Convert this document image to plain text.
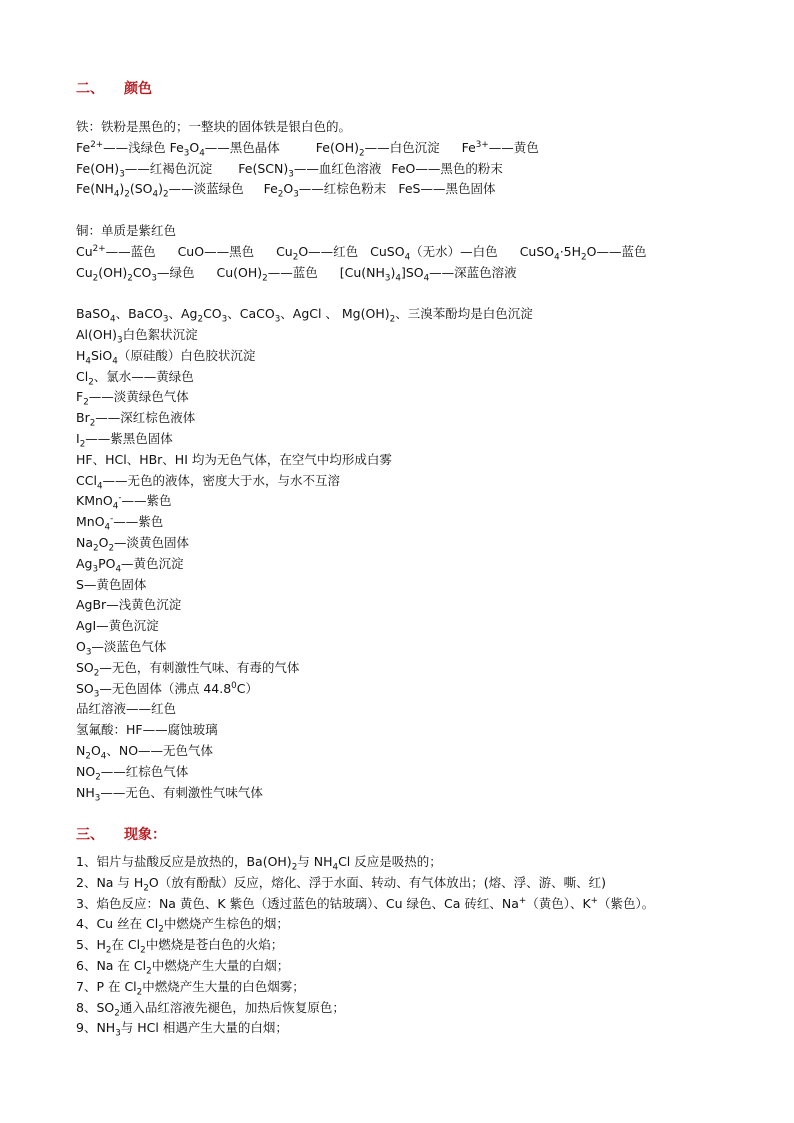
二、 颜色
铁：铁粉是黑色的；一整块的固体铁是银白色的。
$Fe^{2+}——$浅绿色 $Fe_3O_4——$黑色晶体	$Fe(OH)_2——$白色沉淀 $Fe^{3+}——$黄色
$Fe(OH)_3——$红褐色沉淀 $Fe(SCN)_3——$血红色溶液 FeO——黑色的粉末
$Fe(NH_4)_2(SO_4)_2——$淡蓝绿色 $Fe_2O_3——$红棕色粉末 FeS——黑色固体
铜：单质是紫红色
$Cu^{2+}——$蓝色 CuO——黑色 $Cu_2O——$红色 CuSO$_4$（无水）—白色 $CuSO_4\cdot 5H_2O——$蓝色
$Cu_2(OH)_2CO_3—$绿色 $Cu(OH)_2——$蓝色 $[Cu(NH_3)_4]SO_4——$深蓝色溶液
BaSO$_4$、BaCO$_3$、$Ag_2CO_3$、CaCO$_3$、AgCl 、 $Mg(OH)_2$、三溴苯酚均是白色沉淀
$Al(OH)_3$白色絮状沉淀
$H_4SiO_4$（原硅酸）白色胶状沉淀
$Cl_2$、氯水——黄绿色
$F_2——$淡黄绿色气体
$Br_2——$深红棕色液体
$I_2——$紫黑色固体
HF、HCl、HBr、HI 均为无色气体，在空气中均形成白雾
CCl$_4$——无色的液体，密度大于水，与水不互溶
KMnO$_4$-——紫色
MnO$_4$-——紫色
$Na_2O_2—$淡黄色固体
$Ag_3PO_4—$黄色沉淀
S—黄色固体
AgBr—浅黄色沉淀
AgI—黄色沉淀
$O_3—$淡蓝色气体
$SO_2—$无色，有刺激性气味、有毒的气体
$SO_3—$无色固体（沸点 44.8$^0$C）
品红溶液——红色
氢氟酸：HF——腐蚀玻璃
$N_2O_4$、NO——无色气体
$NO_2——$红棕色气体
$NH_3——$无色、有刺激性气味气体
三、 现象：
1、铝片与盐酸反应是放热的，$Ba(OH)_2$与 $NH_4Cl$ 反应是吸热的；
2、Na 与 $H_2O$（放有酚酞）反应，熔化、浮于水面、转动、有气体放出；(熔、浮、游、嘶、红)
3、焰色反应：Na 黄色、K 紫色（透过蓝色的钴玻璃）、Cu 绿色、Ca 砖红、Na+（黄色）、K+（紫色）。
4、Cu 丝在 $Cl_2$中燃烧产生棕色的烟；
5、$H_2$在 $Cl_2$中燃烧是苍白色的火焰；
6、Na 在 $Cl_2$中燃烧产生大量的白烟；
7、P 在 $Cl_2$中燃烧产生大量的白色烟雾；
8、$SO_2$通入品红溶液先褪色，加热后恢复原色；
9、$NH_3$与 HCl 相遇产生大量的白烟；
